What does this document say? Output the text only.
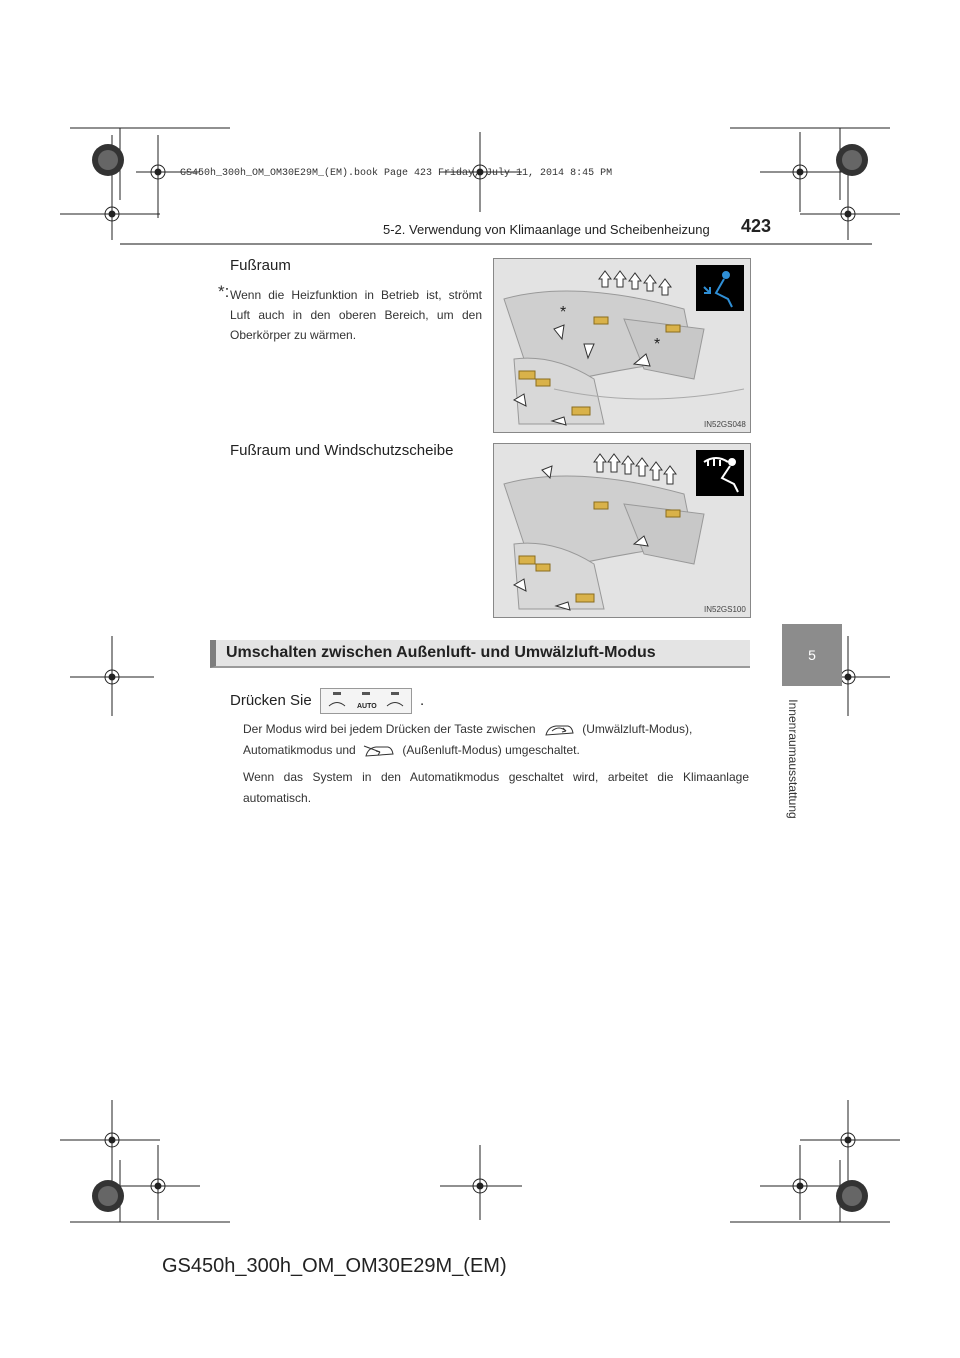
GS450h_300h_OM_OM30E29M_(EM).book Page 423 Friday, July 11, 2014 8:45 PM
5-2. Verwendung von Klimaanlage und Scheibenheizung 423
5
Innenraumausstattung
Fußraum
*: Wenn die Heizfunktion in Betrieb ist, strömt Luft auch in den oberen Bereich, um den Oberkörper zu wärmen.
*
*
IN52GS048
Fußraum und Windschutzscheibe
IN52GS100
Umschalten zwischen Außenluft- und Umwälzluft-Modus
Drücken Sie	AUTO	.
Der Modus wird bei jedem Drücken der Taste zwischen	(Umwälzluft-Modus),
Automatikmodus und	(Außenluft-Modus) umgeschaltet.
Wenn das System in den Automatikmodus geschaltet wird, arbeitet die Klimaanlage automatisch.
GS450h_300h_OM_OM30E29M_(EM)
